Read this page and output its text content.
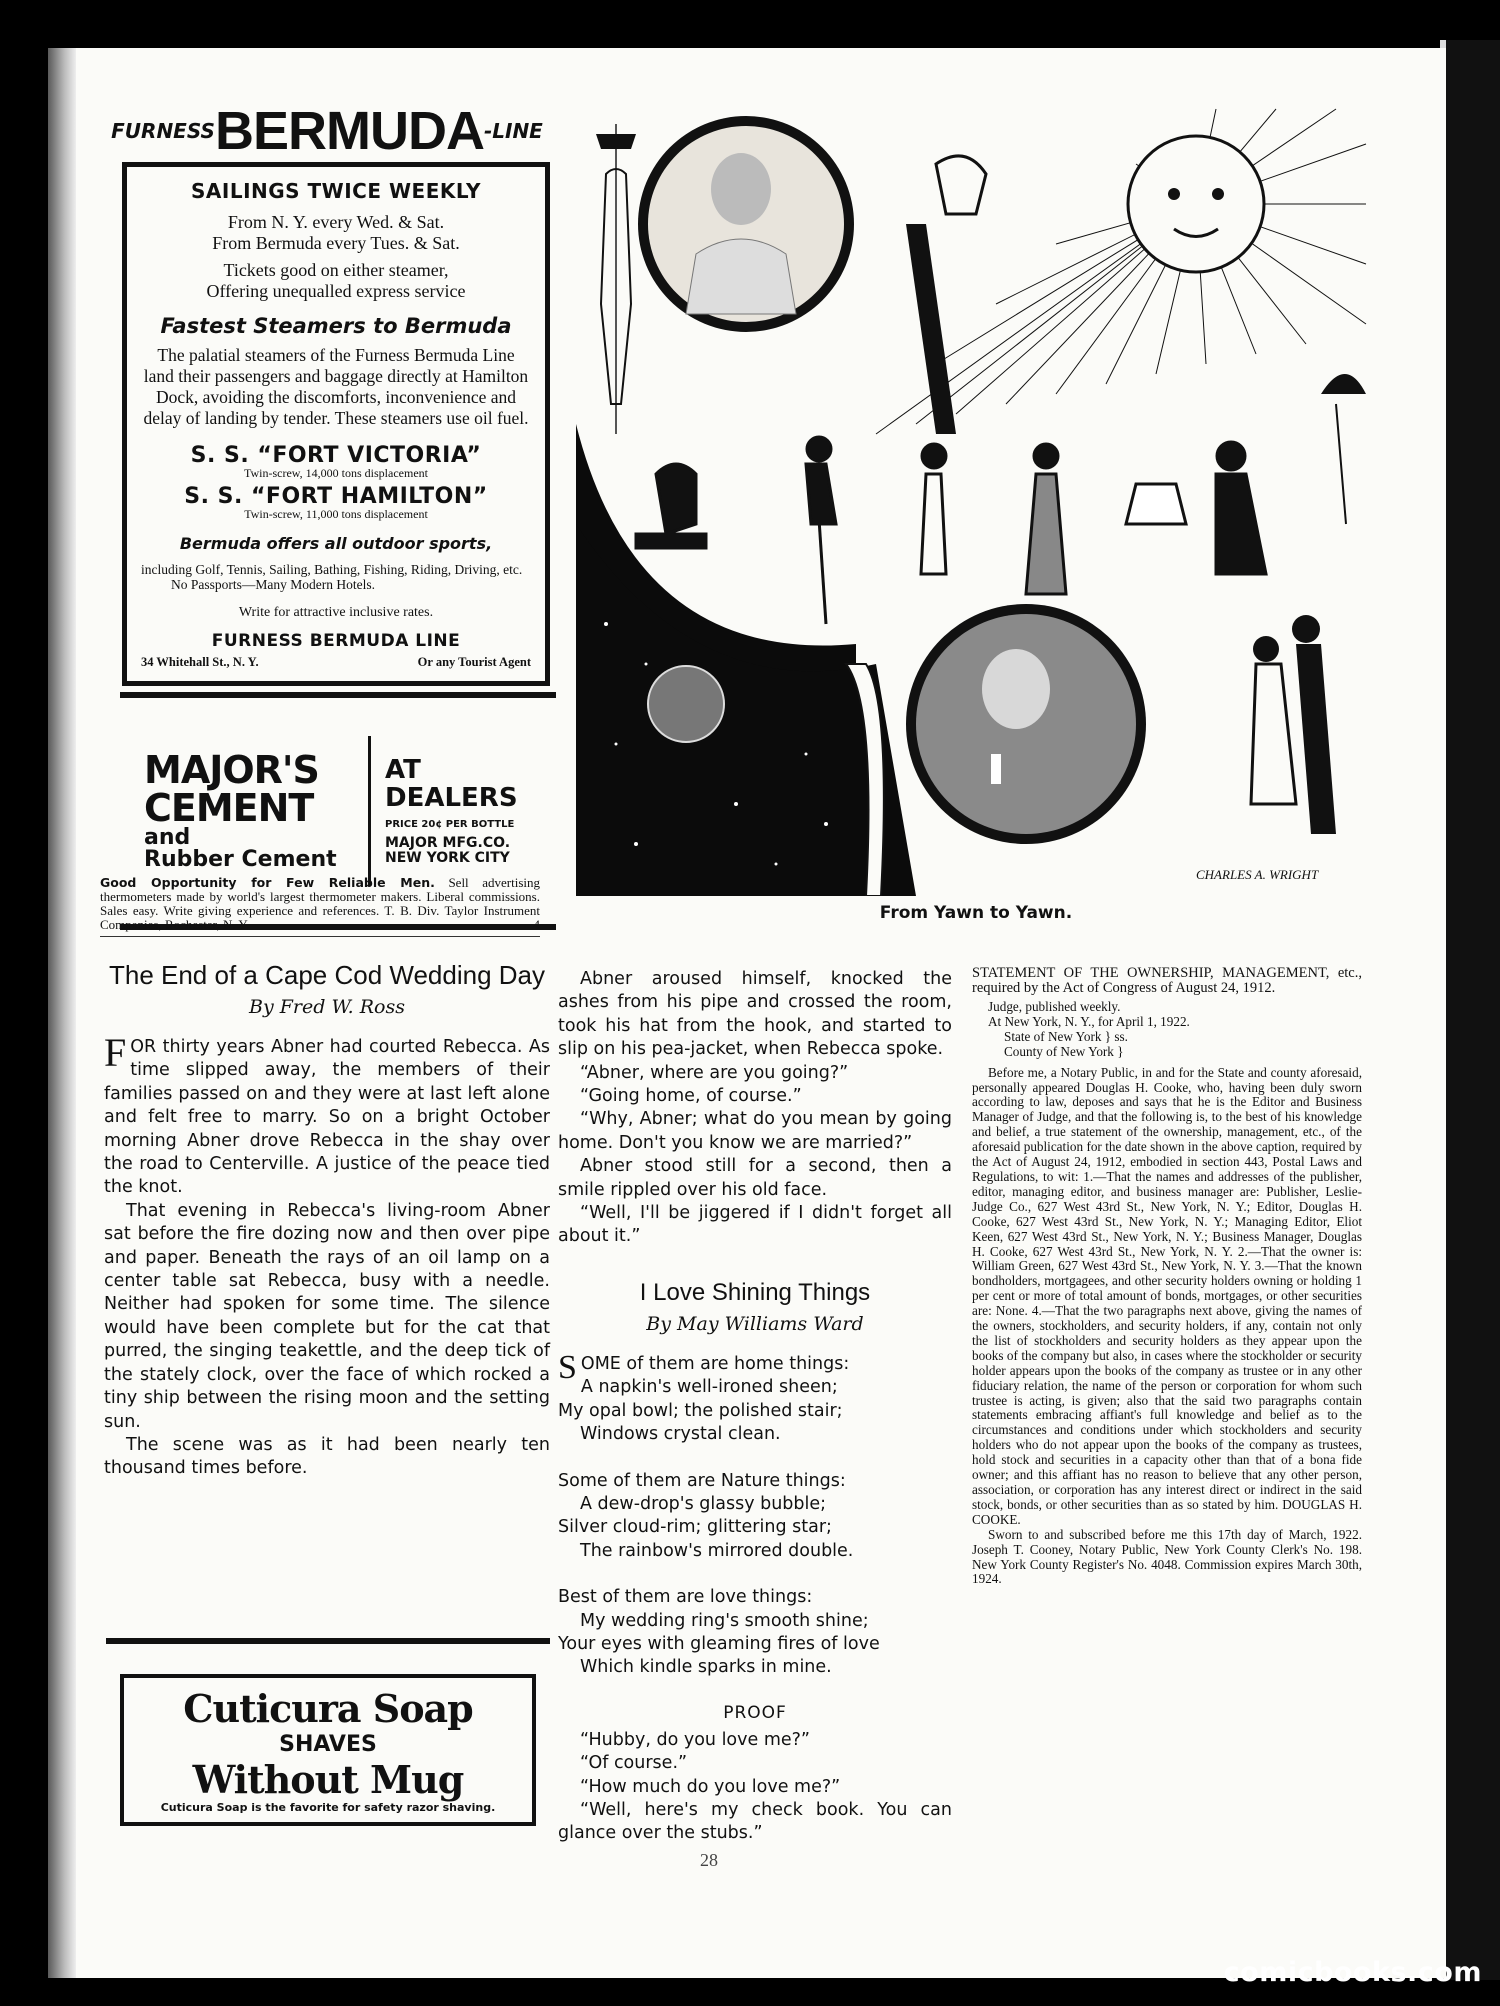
FURNESSBERMUDA-LINE
SAILINGS TWICE WEEKLY
From N. Y. every Wed. & Sat.
From Bermuda every Tues. & Sat.
Tickets good on either steamer,
Offering unequalled express service
Fastest Steamers to Bermuda
The palatial steamers of the Furness Bermuda Line land their passengers and baggage directly at Hamilton Dock, avoiding the discomforts, inconvenience and delay of landing by tender. These steamers use oil fuel.
S. S. “FORT VICTORIA”
Twin-screw, 14,000 tons displacement
S. S. “FORT HAMILTON”
Twin-screw, 11,000 tons displacement
Bermuda offers all outdoor sports,
including Golf, Tennis, Sailing, Bathing, Fishing, Riding, Driving, etc.
No Passports—Many Modern Hotels.
Write for attractive inclusive rates.
FURNESS BERMUDA LINE
34 Whitehall St., N. Y.	Or any Tourist Agent
MAJOR'S
CEMENT
and
Rubber Cement
AT
DEALERS
PRICE 20¢ PER BOTTLE
MAJOR MFG.CO.
NEW YORK CITY
Good Opportunity for Few Reliable Men. Sell advertising thermometers made by world's largest thermometer makers. Liberal commissions. Sales easy. Write giving experience and references. T. B. Div. Taylor Instrument Companies, Rochester, N. Y.	4
The End of a Cape Cod Wedding Day
By Fred W. Ross

FOR thirty years Abner had courted Rebecca. As time slipped away, the members of their families passed on and they were at last left alone and felt free to marry. So on a bright October morning Abner drove Rebecca in the shay over the road to Centerville. A justice of the peace tied the knot.

That evening in Rebecca's living-room Abner sat before the fire dozing now and then over pipe and paper. Beneath the rays of an oil lamp on a center table sat Rebecca, busy with a needle. Neither had spoken for some time. The silence would have been complete but for the cat that purred, the singing teakettle, and the deep tick of the stately clock, over the face of which rocked a tiny ship between the rising moon and the setting sun.

The scene was as it had been nearly ten thousand times before.

Cuticura Soap
SHAVES
Without Mug
Cuticura Soap is the favorite for safety razor shaving.
CHARLES A. WRIGHT
From Yawn to Yawn.

Abner aroused himself, knocked the ashes from his pipe and crossed the room, took his hat from the hook, and started to slip on his pea-jacket, when Rebecca spoke.

“Abner, where are you going?”

“Going home, of course.”

“Why, Abner; what do you mean by going home. Don't you know we are married?”

Abner stood still for a second, then a smile rippled over his old face.

“Well, I'll be jiggered if I didn't forget all about it.”

I Love Shining Things
By May Williams Ward
SOME of them are home things:
A napkin's well-ironed sheen;
My opal bowl; the polished stair;
Windows crystal clean.
Some of them are Nature things:
A dew-drop's glassy bubble;
Silver cloud-rim; glittering star;
The rainbow's mirrored double.
Best of them are love things:
My wedding ring's smooth shine;
Your eyes with gleaming fires of love
Which kindle sparks in mine.
PROOF

“Hubby, do you love me?”

“Of course.”

“How much do you love me?”

“Well, here's my check book. You can glance over the stubs.”

STATEMENT OF THE OWNERSHIP, MANAGEMENT, etc., required by the Act of Congress of August 24, 1912.

Judge, published weekly.

At New York, N. Y., for April 1, 1922.

State of New York } ss.

County of New York }

Before me, a Notary Public, in and for the State and county aforesaid, personally appeared Douglas H. Cooke, who, having been duly sworn according to law, deposes and says that he is the Editor and Business Manager of Judge, and that the following is, to the best of his knowledge and belief, a true statement of the ownership, management, etc., of the aforesaid publication for the date shown in the above caption, required by the Act of August 24, 1912, embodied in section 443, Postal Laws and Regulations, to wit: 1.—That the names and addresses of the publisher, editor, managing editor, and business manager are: Publisher, Leslie-Judge Co., 627 West 43rd St., New York, N. Y.; Editor, Douglas H. Cooke, 627 West 43rd St., New York, N. Y.; Managing Editor, Eliot Keen, 627 West 43rd St., New York, N. Y.; Business Manager, Douglas H. Cooke, 627 West 43rd St., New York, N. Y. 2.—That the owner is: William Green, 627 West 43rd St., New York, N. Y. 3.—That the known bondholders, mortgagees, and other security holders owning or holding 1 per cent or more of total amount of bonds, mortgages, or other securities are: None. 4.—That the two paragraphs next above, giving the names of the owners, stockholders, and security holders, if any, contain not only the list of stockholders and security holders as they appear upon the books of the company but also, in cases where the stockholder or security holder appears upon the books of the company as trustee or in any other fiduciary relation, the name of the person or corporation for whom such trustee is acting, is given; also that the said two paragraphs contain statements embracing affiant's full knowledge and belief as to the circumstances and conditions under which stockholders and security holders who do not appear upon the books of the company as trustees, hold stock and securities in a capacity other than that of a bona fide owner; and this affiant has no reason to believe that any other person, association, or corporation has any interest direct or indirect in the said stock, bonds, or other securities than as so stated by him. DOUGLAS H. COOKE.

Sworn to and subscribed before me this 17th day of March, 1922. Joseph T. Cooney, Notary Public, New York County Clerk's No. 198. New York County Register's No. 4048. Commission expires March 30th, 1924.

28
comicbooks.com
